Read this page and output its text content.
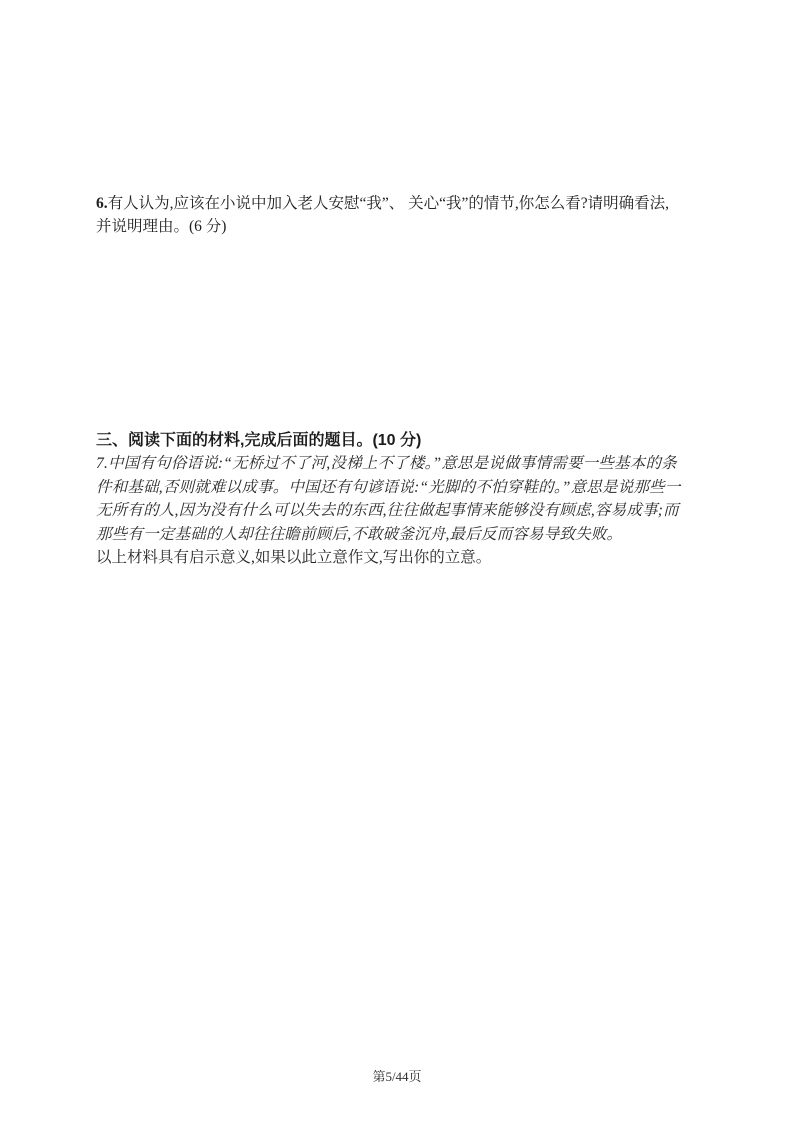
6.有人认为,应该在小说中加入老人安慰“我”、 关心“我”的情节,你怎么看?请明确看法,
并说明理由。(6 分)
三、阅读下面的材料,完成后面的题目。(10 分)
7.中国有句俗语说:“无桥过不了河,没梯上不了楼。”意思是说做事情需要一些基本的条
件和基础,否则就难以成事。中国还有句谚语说:“光脚的不怕穿鞋的。”意思是说那些一
无所有的人,因为没有什么可以失去的东西,往往做起事情来能够没有顾虑,容易成事;而
那些有一定基础的人却往往瞻前顾后,不敢破釜沉舟,最后反而容易导致失败。
以上材料具有启示意义,如果以此立意作文,写出你的立意。
第5/44页
